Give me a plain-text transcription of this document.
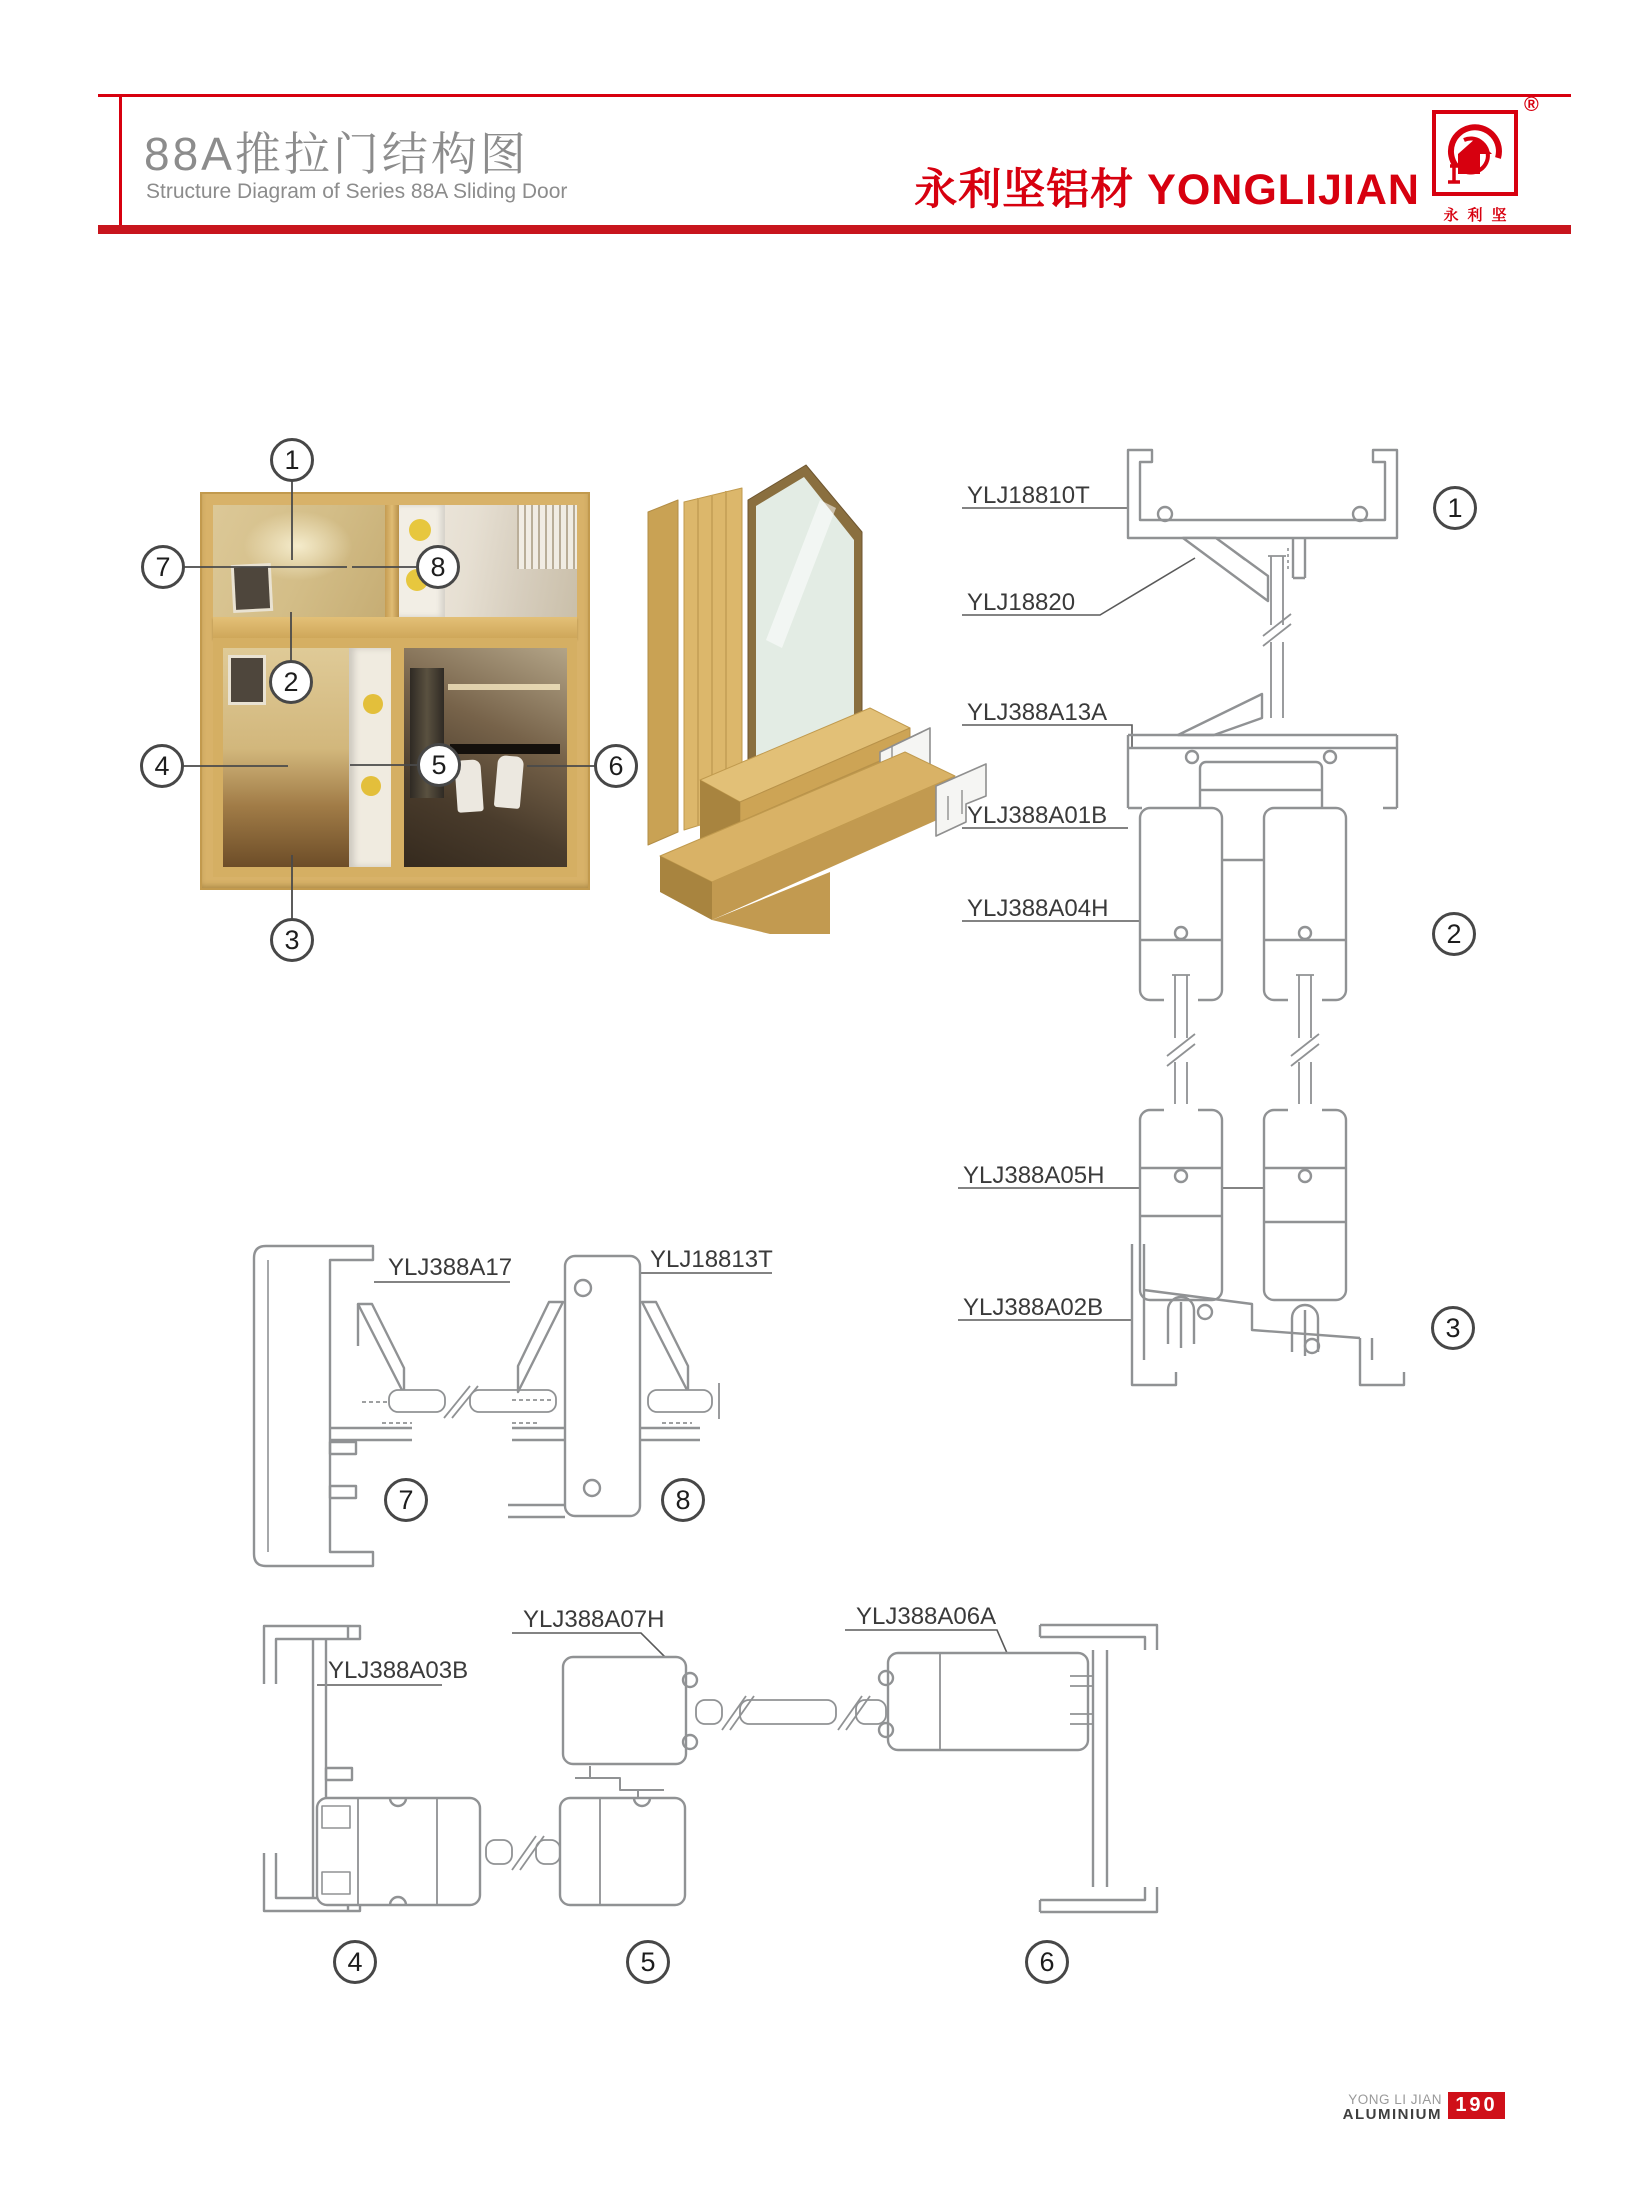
88A推拉门结构图
Structure Diagram of Series 88A Sliding Door	永利坚铝材 YONGLIJIAN
®
永利坚
YLJ18810T
YLJ18820
YLJ388A13A
YLJ388A01B
YLJ388A04H
YLJ388A05H
YLJ388A02B
YLJ388A17	YLJ18813T
YLJ388A03B
YLJ388A07H	YLJ388A06A
1
2
3
4	5	6
7	8
1
2
3
7	8
4	5	6
YONG LI JIAN
ALUMINIUM 190
